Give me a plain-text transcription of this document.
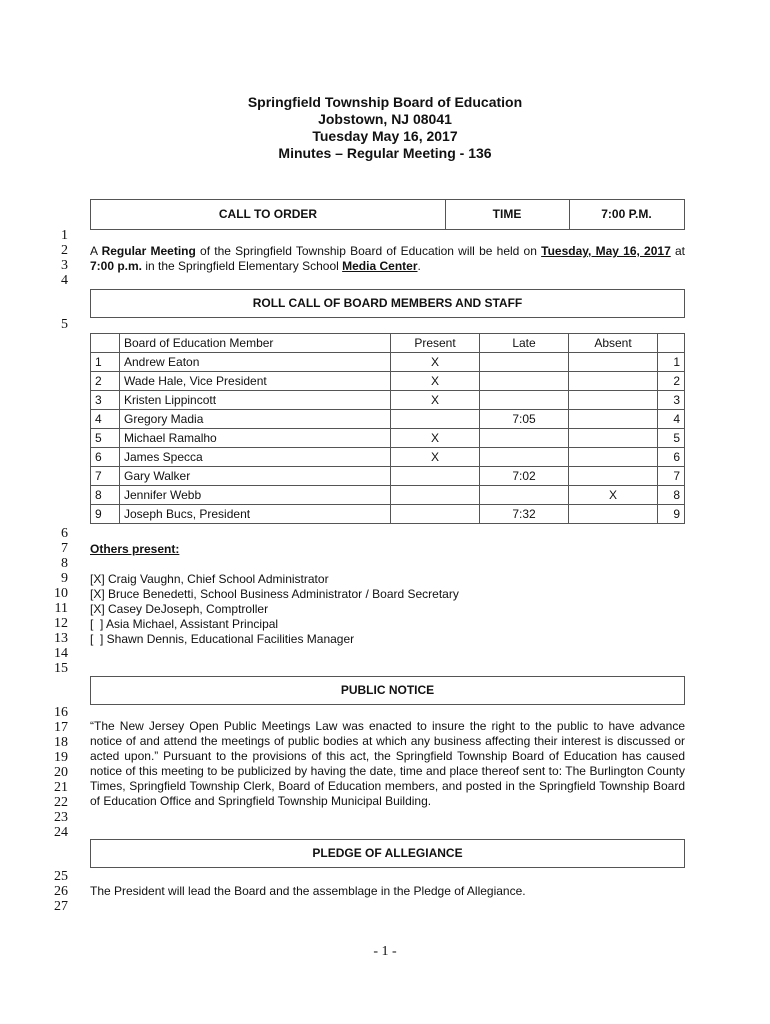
Springfield Township Board of Education
Jobstown, NJ 08041
Tuesday May 16, 2017
Minutes – Regular Meeting - 136
CALL TO ORDER	TIME	7:00 P.M.
1
2
3
4
5
6
7
8
9
10
11
12
13
14
15
16
17
18
19
20
21
22
23
24
25
26
27
A Regular Meeting of the Springfield Township Board of Education will be held on Tuesday, May 16, 2017 at 7:00 p.m. in the Springfield Elementary School Media Center.
ROLL CALL OF BOARD MEMBERS AND STAFF
	Board of Education Member	Present	Late	Absent	
1	Andrew Eaton	X			1
2	Wade Hale, Vice President	X			2
3	Kristen Lippincott	X			3
4	Gregory Madia		7:05		4
5	Michael Ramalho	X			5
6	James Specca	X			6
7	Gary Walker		7:02		7
8	Jennifer Webb			X	8
9	Joseph Bucs, President		7:32		9
Others present:
[X] Craig Vaughn, Chief School Administrator
[X] Bruce Benedetti, School Business Administrator / Board Secretary
[X] Casey DeJoseph, Comptroller
[  ] Asia Michael, Assistant Principal
[  ] Shawn Dennis, Educational Facilities Manager
PUBLIC NOTICE
“The New Jersey Open Public Meetings Law was enacted to insure the right to the public to have advance notice of and attend the meetings of public bodies at which any business affecting their interest is discussed or acted upon.” Pursuant to the provisions of this act, the Springfield Township Board of Education has caused notice of this meeting to be publicized by having the date, time and place thereof sent to: The Burlington County Times, Springfield Township Clerk, Board of Education members, and posted in the Springfield Township Board of Education Office and Springfield Township Municipal Building.
PLEDGE OF ALLEGIANCE
The President will lead the Board and the assemblage in the Pledge of Allegiance.
- 1 -
